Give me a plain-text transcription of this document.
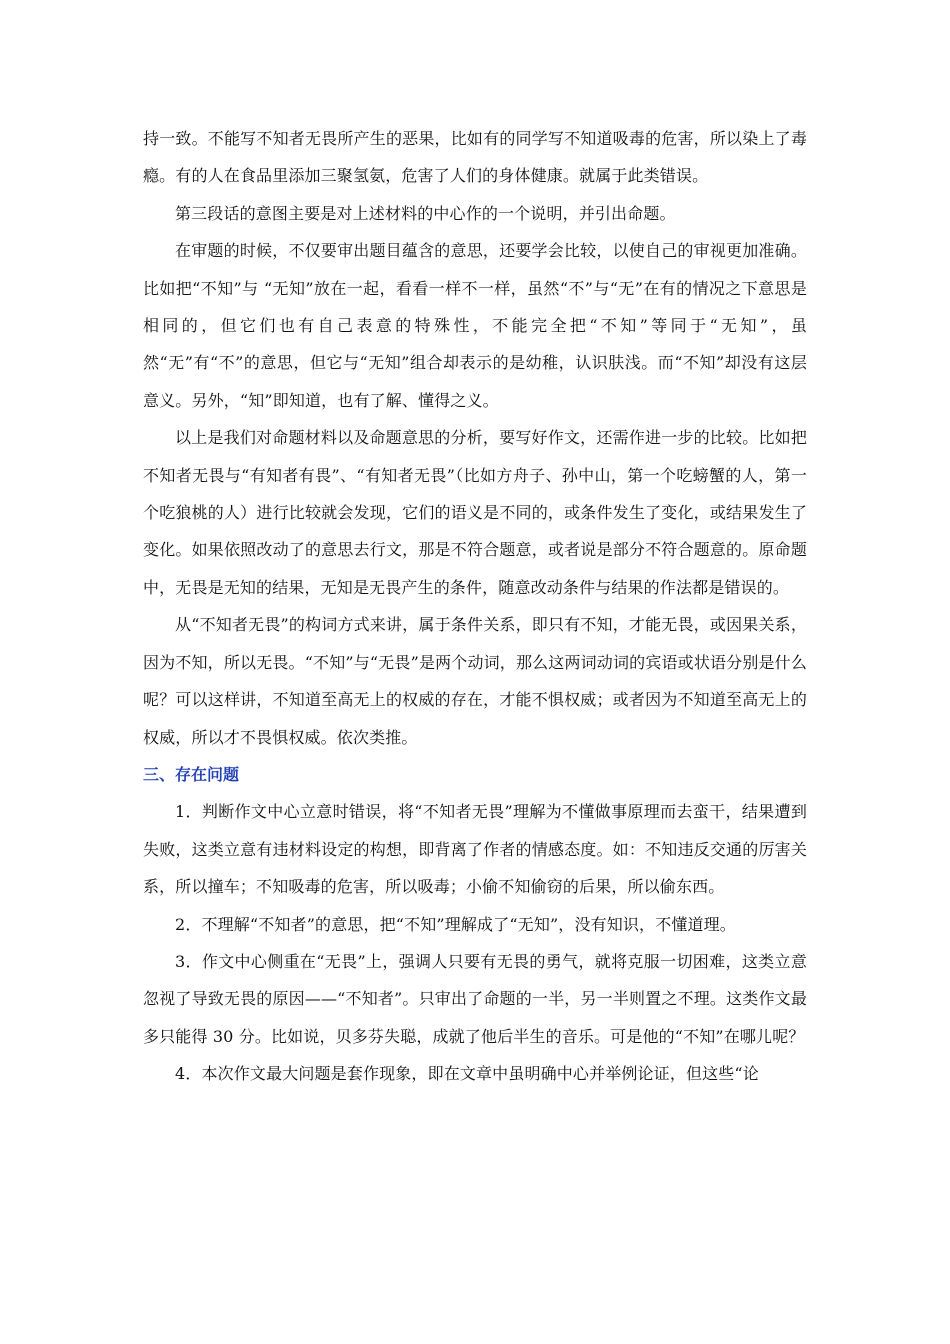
持一致。不能写不知者无畏所产生的恶果，比如有的同学写不知道吸毒的危害，所以染上了毒瘾。有的人在食品里添加三聚氢氨，危害了人们的身体健康。就属于此类错误。

第三段话的意图主要是对上述材料的中心作的一个说明，并引出命题。

在审题的时候，不仅要审出题目蕴含的意思，还要学会比较，以使自己的审视更加准确。比如把“不知”与 “无知”放在一起，看看一样不一样，虽然“不”与“无”在有的情况之下意思是相同的，但它们也有自己表意的特殊性，不能完全把“不知”等同于“无知”，虽然“无”有“不”的意思，但它与“无知”组合却表示的是幼稚，认识肤浅。而“不知”却没有这层意义。另外，“知”即知道，也有了解、懂得之义。

以上是我们对命题材料以及命题意思的分析，要写好作文，还需作进一步的比较。比如把不知者无畏与“有知者有畏”、“有知者无畏”（比如方舟子、孙中山，第一个吃螃蟹的人，第一个吃狼桃的人）进行比较就会发现，它们的语义是不同的，或条件发生了变化，或结果发生了变化。如果依照改动了的意思去行文，那是不符合题意，或者说是部分不符合题意的。原命题中，无畏是无知的结果，无知是无畏产生的条件，随意改动条件与结果的作法都是错误的。

从“不知者无畏”的构词方式来讲，属于条件关系，即只有不知，才能无畏，或因果关系，因为不知，所以无畏。“不知”与“无畏”是两个动词，那么这两词动词的宾语或状语分别是什么呢？可以这样讲，不知道至高无上的权威的存在，才能不惧权威；或者因为不知道至高无上的权威，所以才不畏惧权威。依次类推。

三、存在问题

1．判断作文中心立意时错误，将“不知者无畏”理解为不懂做事原理而去蛮干，结果遭到失败，这类立意有违材料设定的构想，即背离了作者的情感态度。如：不知违反交通的厉害关系，所以撞车；不知吸毒的危害，所以吸毒；小偷不知偷窃的后果，所以偷东西。

2．不理解“不知者”的意思，把“不知”理解成了“无知”，没有知识，不懂道理。

3．作文中心侧重在“无畏”上，强调人只要有无畏的勇气，就将克服一切困难，这类立意忽视了导致无畏的原因——“不知者”。只审出了命题的一半，另一半则置之不理。这类作文最多只能得 30 分。比如说，贝多芬失聪，成就了他后半生的音乐。可是他的“不知”在哪儿呢？

4．本次作文最大问题是套作现象，即在文章中虽明确中心并举例论证，但这些“论
